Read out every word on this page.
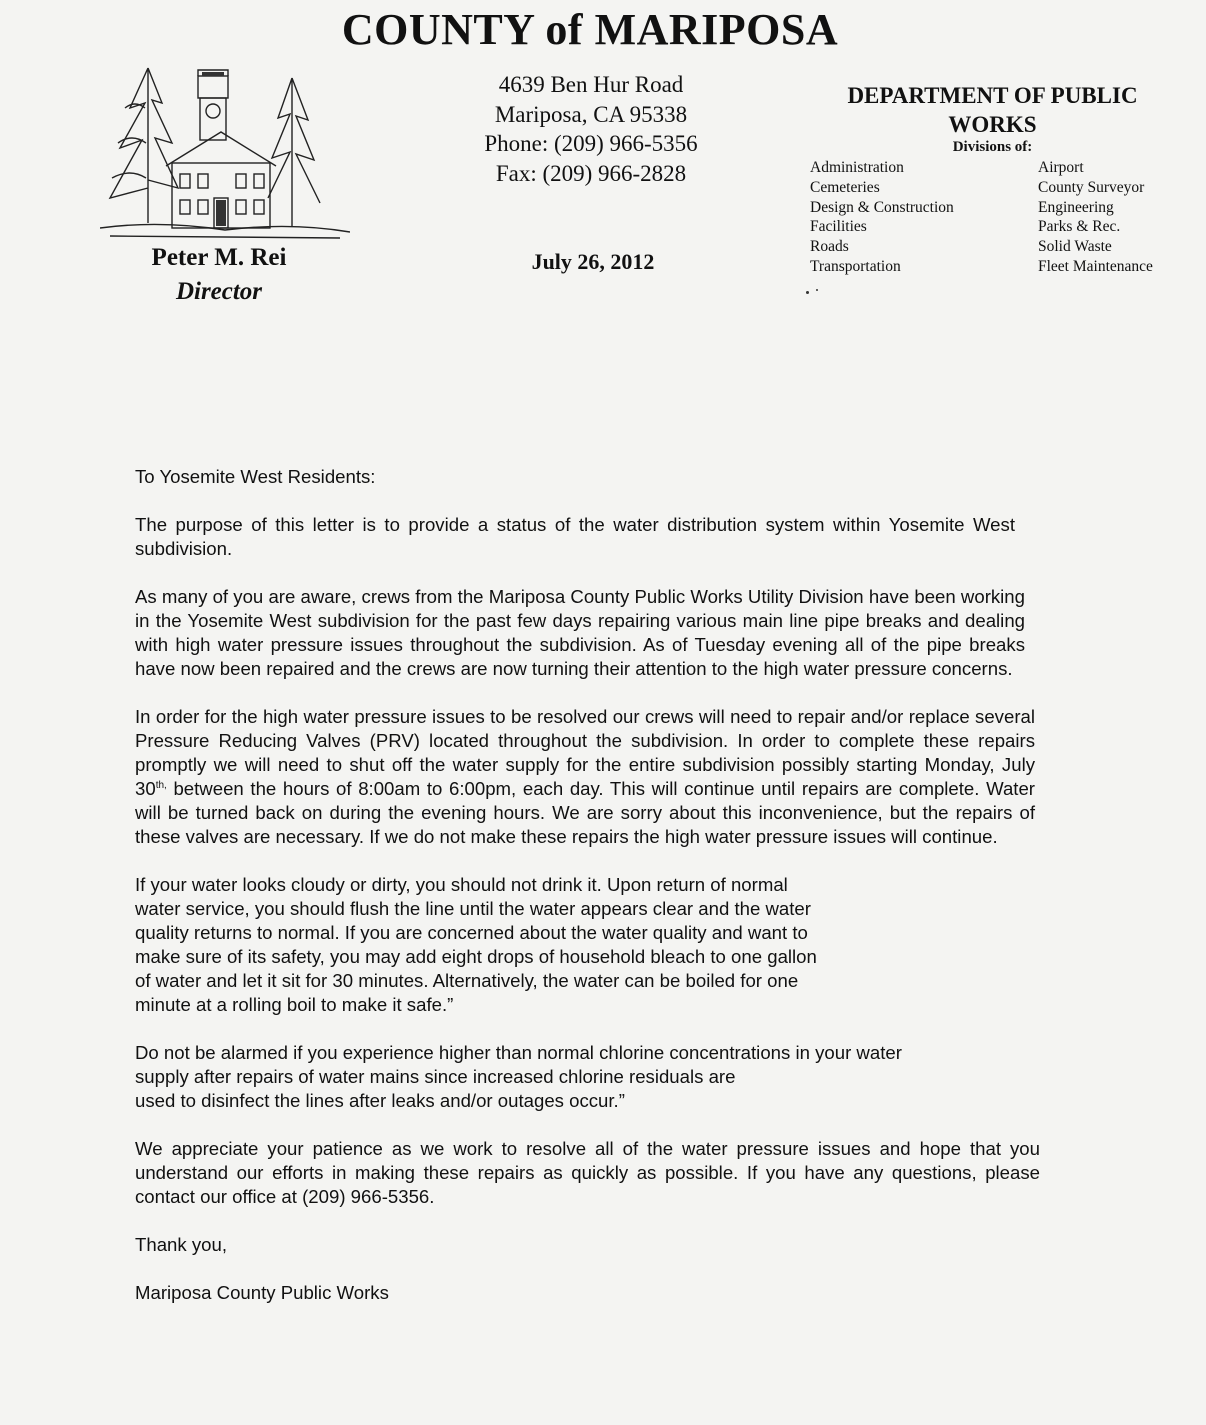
COUNTY of MARIPOSA
Peter M. Rei
Director
4639 Ben Hur Road
Mariposa, CA 95338
Phone: (209) 966-5356
Fax: (209) 966-2828
July 26, 2012
DEPARTMENT OF PUBLIC
WORKS
Divisions of:
Administration
Cemeteries
Design & Construction
Facilities
Roads
Transportation
Airport
County Surveyor
Engineering
Parks & Rec.
Solid Waste
Fleet Maintenance

To Yosemite West Residents:

The purpose of this letter is to provide a status of the water distribution system within Yosemite West subdivision.

As many of you are aware, crews from the Mariposa County Public Works Utility Division have been working in the Yosemite West subdivision for the past few days repairing various main line pipe breaks and dealing with high water pressure issues throughout the subdivision. As of Tuesday evening all of the pipe breaks have now been repaired and the crews are now turning their attention to the high water pressure concerns.

In order for the high water pressure issues to be resolved our crews will need to repair and/or replace several Pressure Reducing Valves (PRV) located throughout the subdivision. In order to complete these repairs promptly we will need to shut off the water supply for the entire subdivision possibly starting Monday, July $30^{th,}$ between the hours of 8:00am to 6:00pm, each day. This will continue until repairs are complete. Water will be turned back on during the evening hours. We are sorry about this inconvenience, but the repairs of these valves are necessary. If we do not make these repairs the high water pressure issues will continue.

If your water looks cloudy or dirty, you should not drink it. Upon return of normal
water service, you should flush the line until the water appears clear and the water
quality returns to normal. If you are concerned about the water quality and want to
make sure of its safety, you may add eight drops of household bleach to one gallon
of water and let it sit for 30 minutes. Alternatively, the water can be boiled for one
minute at a rolling boil to make it safe.”

Do not be alarmed if you experience higher than normal chlorine concentrations in your water
supply after repairs of water mains since increased chlorine residuals are
used to disinfect the lines after leaks and/or outages occur.”

We appreciate your patience as we work to resolve all of the water pressure issues and hope that you understand our efforts in making these repairs as quickly as possible. If you have any questions, please contact our office at (209) 966-5356.

Thank you,

Mariposa County Public Works
